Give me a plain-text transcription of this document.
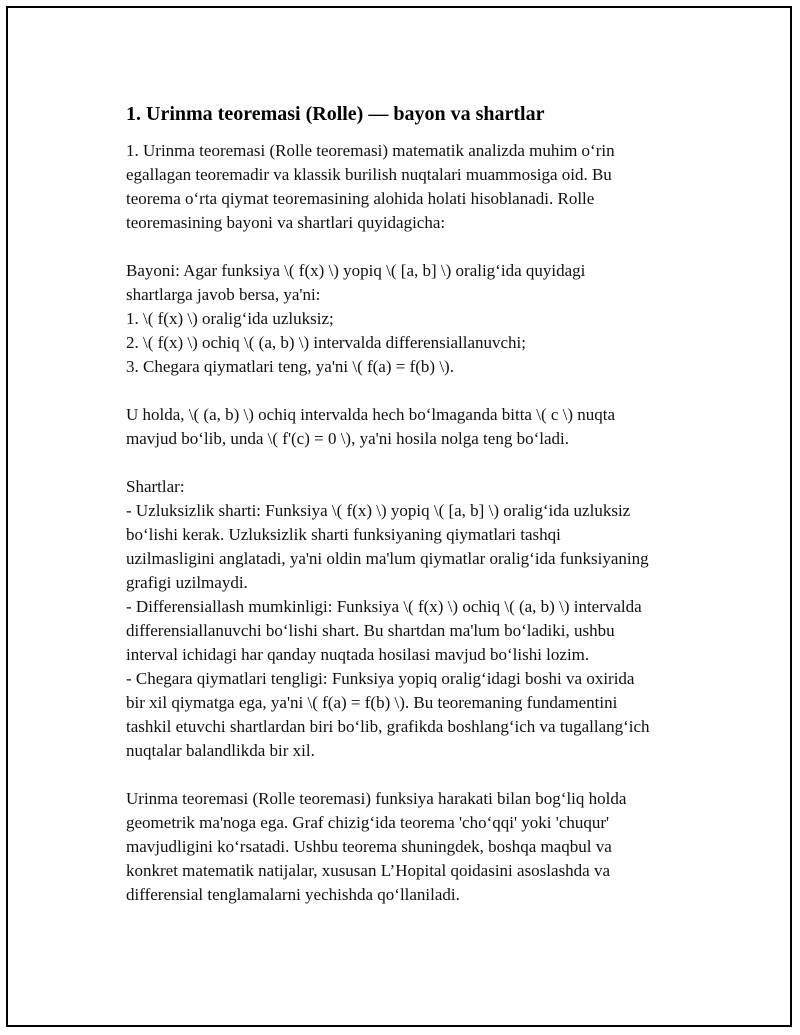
1. Urinma teoremasi (Rolle) — bayon va shartlar
1. Urinma teoremasi (Rolle teoremasi) matematik analizda muhim o‘rin
egallagan teoremadir va klassik burilish nuqtalari muammosiga oid. Bu
teorema o‘rta qiymat teoremasining alohida holati hisoblanadi. Rolle
teoremasining bayoni va shartlari quyidagicha:
Bayoni: Agar funksiya \( f(x) \) yopiq \( [a, b] \) oralig‘ida quyidagi
shartlarga javob bersa, ya'ni:
1. \( f(x) \) oralig‘ida uzluksiz;
2. \( f(x) \) ochiq \( (a, b) \) intervalda differensiallanuvchi;
3. Chegara qiymatlari teng, ya'ni \( f(a) = f(b) \).
U holda, \( (a, b) \) ochiq intervalda hech bo‘lmaganda bitta \( c \) nuqta
mavjud bo‘lib, unda \( f'(c) = 0 \), ya'ni hosila nolga teng bo‘ladi.
Shartlar:
- Uzluksizlik sharti: Funksiya \( f(x) \) yopiq \( [a, b] \) oralig‘ida uzluksiz
bo‘lishi kerak. Uzluksizlik sharti funksiyaning qiymatlari tashqi
uzilmasligini anglatadi, ya'ni oldin ma'lum qiymatlar oralig‘ida funksiyaning
grafigi uzilmaydi.
- Differensiallash mumkinligi: Funksiya \( f(x) \) ochiq \( (a, b) \) intervalda
differensiallanuvchi bo‘lishi shart. Bu shartdan ma'lum bo‘ladiki, ushbu
interval ichidagi har qanday nuqtada hosilasi mavjud bo‘lishi lozim.
- Chegara qiymatlari tengligi: Funksiya yopiq oralig‘idagi boshi va oxirida
bir xil qiymatga ega, ya'ni \( f(a) = f(b) \). Bu teoremaning fundamentini
tashkil etuvchi shartlardan biri bo‘lib, grafikda boshlang‘ich va tugallang‘ich
nuqtalar balandlikda bir xil.
Urinma teoremasi (Rolle teoremasi) funksiya harakati bilan bog‘liq holda
geometrik ma'noga ega. Graf chizig‘ida teorema 'cho‘qqi' yoki 'chuqur'
mavjudligini ko‘rsatadi. Ushbu teorema shuningdek, boshqa maqbul va
konkret matematik natijalar, xususan L’Hopital qoidasini asoslashda va
differensial tenglamalarni yechishda qo‘llaniladi.
